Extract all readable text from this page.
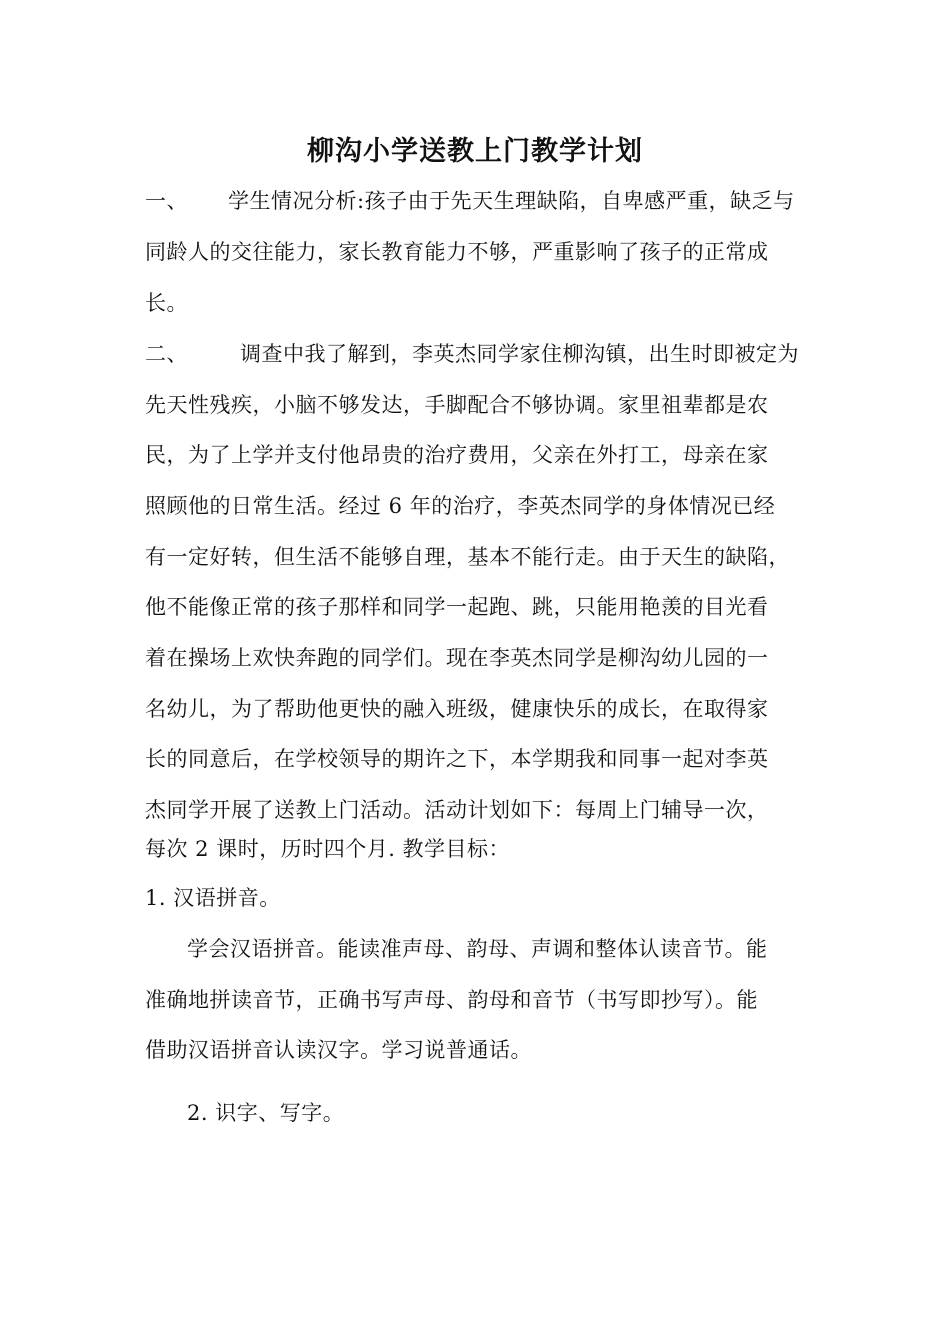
柳沟小学送教上门教学计划
一、 学生情况分析:孩子由于先天生理缺陷，自卑感严重，缺乏与
同龄人的交往能力，家长教育能力不够，严重影响了孩子的正常成
长。
二、 调查中我了解到，李英杰同学家住柳沟镇，出生时即被定为
先天性残疾，小脑不够发达，手脚配合不够协调。家里祖辈都是农
民，为了上学并支付他昂贵的治疗费用，父亲在外打工，母亲在家
照顾他的日常生活。经过 6 年的治疗，李英杰同学的身体情况已经
有一定好转，但生活不能够自理，基本不能行走。由于天生的缺陷，
他不能像正常的孩子那样和同学一起跑、跳，只能用艳羡的目光看
着在操场上欢快奔跑的同学们。现在李英杰同学是柳沟幼儿园的一
名幼儿，为了帮助他更快的融入班级，健康快乐的成长，在取得家
长的同意后，在学校领导的期许之下，本学期我和同事一起对李英
杰同学开展了送教上门活动。活动计划如下：每周上门辅导一次，
每次 2 课时，历时四个月. 教学目标：
1. 汉语拼音。
学会汉语拼音。能读准声母、韵母、声调和整体认读音节。能
准确地拼读音节，正确书写声母、韵母和音节（书写即抄写）。能
借助汉语拼音认读汉字。学习说普通话。
2. 识字、写字。
